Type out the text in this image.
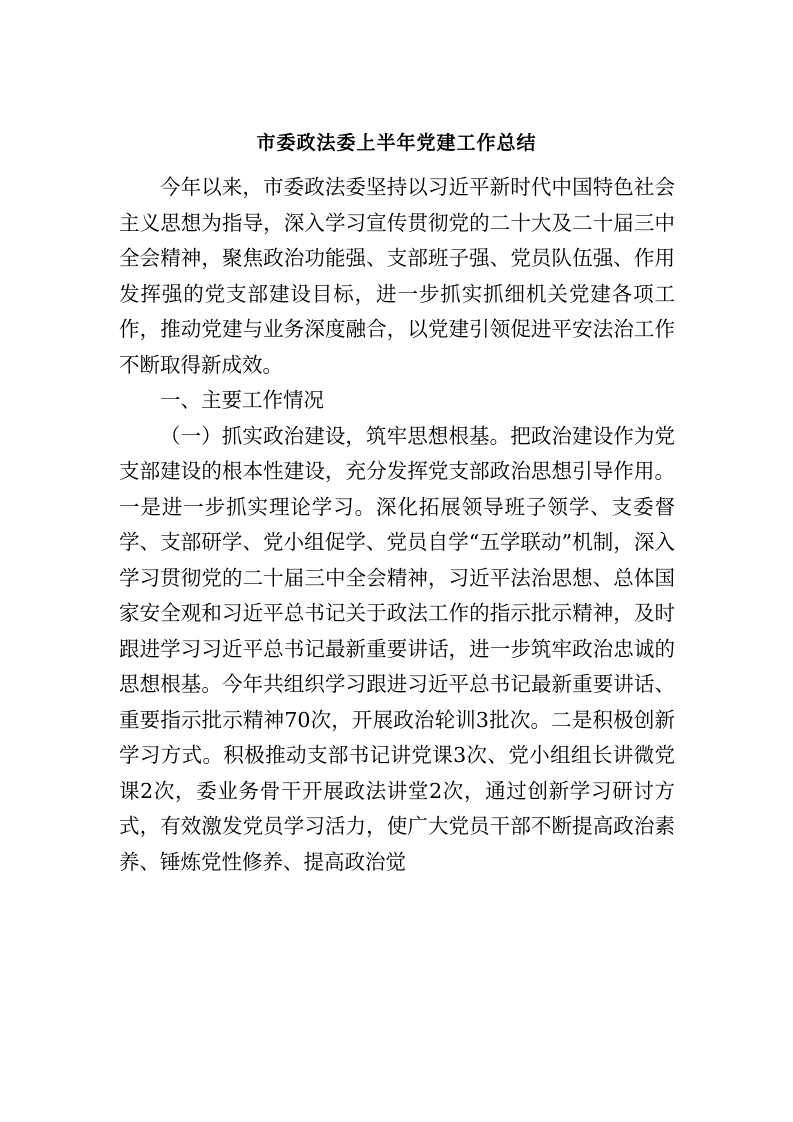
市委政法委上半年党建工作总结

今年以来，市委政法委坚持以习近平新时代中国特色社会主义思想为指导，深入学习宣传贯彻党的二十大及二十届三中全会精神，聚焦政治功能强、支部班子强、党员队伍强、作用发挥强的党支部建设目标，进一步抓实抓细机关党建各项工作，推动党建与业务深度融合，以党建引领促进平安法治工作不断取得新成效。

一、主要工作情况

（一）抓实政治建设，筑牢思想根基。把政治建设作为党支部建设的根本性建设，充分发挥党支部政治思想引导作用。一是进一步抓实理论学习。深化拓展领导班子领学、支委督学、支部研学、党小组促学、党员自学“五学联动”机制，深入学习贯彻党的二十届三中全会精神，习近平法治思想、总体国家安全观和习近平总书记关于政法工作的指示批示精神，及时跟进学习习近平总书记最新重要讲话，进一步筑牢政治忠诚的思想根基。今年共组织学习跟进习近平总书记最新重要讲话、重要指示批示精神70次，开展政治轮训3批次。二是积极创新学习方式。积极推动支部书记讲党课3次、党小组组长讲微党课2次，委业务骨干开展政法讲堂2次，通过创新学习研讨方式，有效激发党员学习活力，使广大党员干部不断提高政治素养、锤炼党性修养、提高政治觉
